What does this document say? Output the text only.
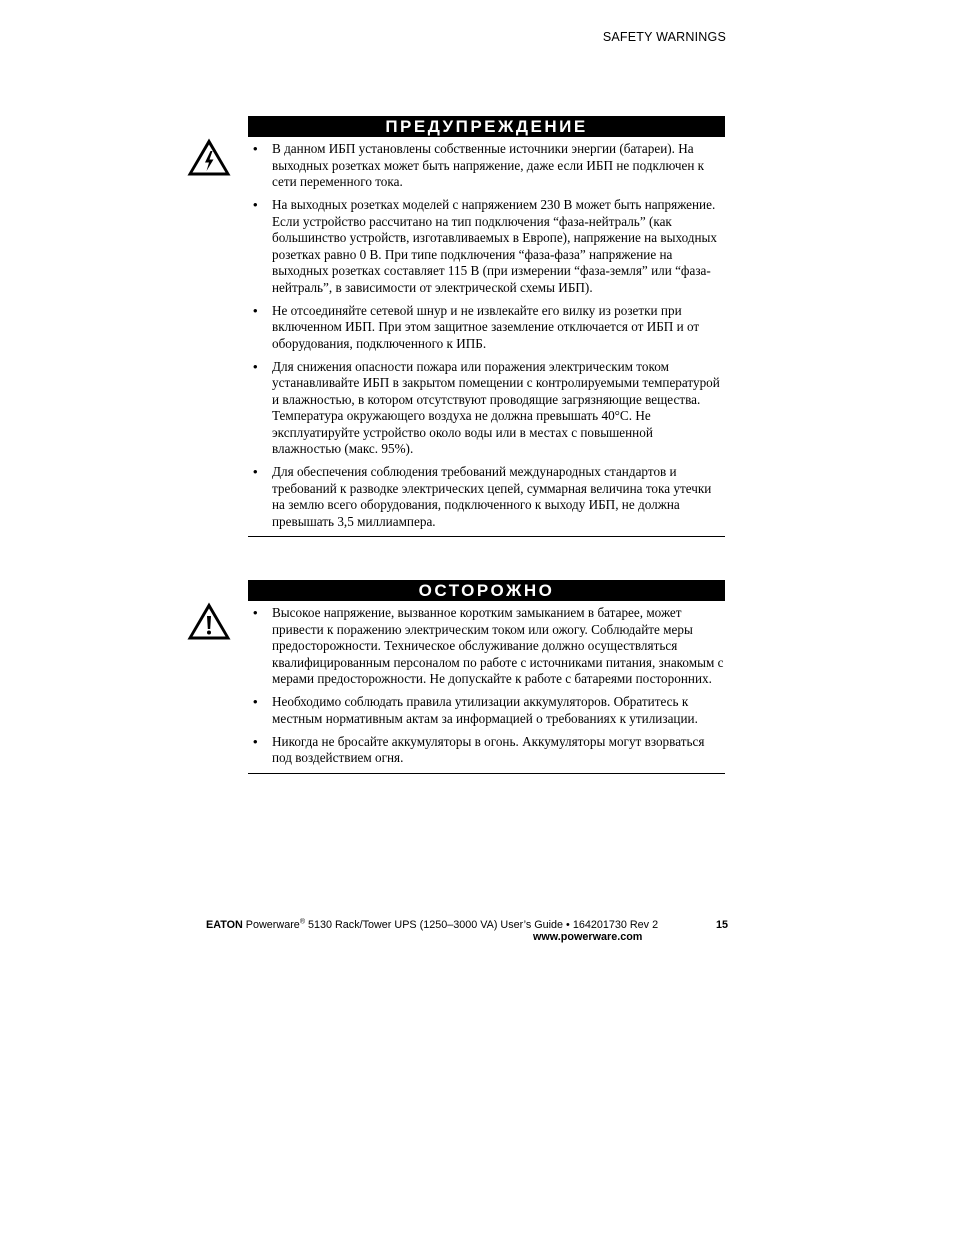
SAFETY WARNINGS
ПРЕДУПРЕЖДЕНИЕ
• В данном ИБП установлены собственные источники энергии (батареи). На выходных розетках может быть напряжение, даже если ИБП не подключен к сети переменного тока.
• На выходных розетках моделей с напряжением 230 В может быть напряжение. Если устройство рассчитано на тип подключения “фаза-нейтраль” (как большинство устройств, изготавливаемых в Европе), напряжение на выходных розетках равно 0 В. При типе подключения “фаза-фаза” напряжение на выходных розетках составляет 115 В (при измерении “фаза-земля” или “фаза-нейтраль”, в зависимости от электрической схемы ИБП).
• Не отсоединяйте сетевой шнур и не извлекайте его вилку из розетки при включенном ИБП. При этом защитное заземление отключается от ИБП и от оборудования, подключенного к ИПБ.
• Для снижения опасности пожара или поражения электрическим током устанавливайте ИБП в закрытом помещении с контролируемыми температурой и влажностью, в котором отсутствуют проводящие загрязняющие вещества. Температура окружающего воздуха не должна превышать 40°C. Не эксплуатируйте устройство около воды или в местах с повышенной влажностью (макс. 95%).
• Для обеспечения соблюдения требований международных стандартов и требований к разводке электрических цепей, суммарная величина тока утечки на землю всего оборудования, подключенного к выходу ИБП, не должна превышать 3,5 миллиампера.
ОСТОРОЖНО
• Высокое напряжение, вызванное коротким замыканием в батарее, может привести к поражению электрическим током или ожогу. Соблюдайте меры предосторожности. Техническое обслуживание должно осуществляться квалифицированным персоналом по работе с источниками питания, знакомым с мерами предосторожности. Не допускайте к работе с батареями посторонних.
• Необходимо соблюдать правила утилизации аккумуляторов. Обратитесь к местным нормативным актам за информацией о требованиях к утилизации.
• Никогда не бросайте аккумуляторы в огонь. Аккумуляторы могут взорваться под воздействием огня.
EATON Powerware® 5130 Rack/Tower UPS (1250–3000 VA) User’s Guide • 164201730 Rev 2
www.powerware.com
15
